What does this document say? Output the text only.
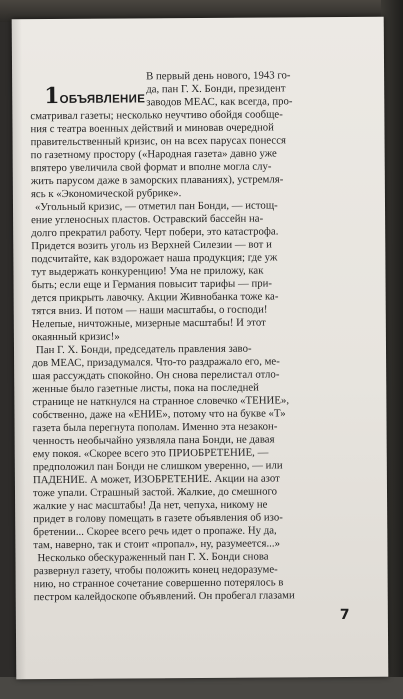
1ОБЪЯВЛЕНИЕ
В первый день нового, 1943 го-
да, пан Г. Х. Бонди, президент
заводов МЕАС, как всегда, про-
сматривал газеты; несколько неучтиво обойдя сообще-
ния с театра военных действий и миновав очередной
правительственный кризис, он на всех парусах понесся
по газетному простору («Народная газета» давно уже
впятеро увеличила свой формат и вполне могла слу-
жить парусом даже в заморских плаваниях), устремля-
ясь к «Экономической рубрике».
«Угольный кризис, — отметил пан Бонди, — истощ-
ение угленосных пластов. Остравский бассейн на-
долго прекратил работу. Черт побери, это катастрофа.
Придется возить уголь из Верхней Силезии — вот и
подсчитайте, как вздорожает наша продукция; где уж
тут выдержать конкуренцию! Ума не приложу, как
быть; если еще и Германия повысит тарифы — при-
дется прикрыть лавочку. Акции Живнобанка тоже ка-
тятся вниз. И потом — наши масштабы, о господи!
Нелепые, ничтожные, мизерные масштабы! И этот
окаянный кризис!»
Пан Г. Х. Бонди, председатель правления заво-
дов МЕАС, призадумался. Что-то раздражало его, ме-
шая рассуждать спокойно. Он снова перелистал отло-
женные было газетные листы, пока на последней
странице не наткнулся на странное словечко «ТЕНИЕ»,
собственно, даже на «ЕНИЕ», потому что на букве «Т»
газета была перегнута пополам. Именно эта незакон-
ченность необычайно уязвляла пана Бонди, не давая
ему покоя. «Скорее всего это ПРИОБРЕТЕНИЕ, —
предположил пан Бонди не слишком уверенно, — или
ПАДЕНИЕ. А может, ИЗОБРЕТЕНИЕ. Акции на азот
тоже упали. Страшный застой. Жалкие, до смешного
жалкие у нас масштабы! Да нет, чепуха, никому не
придет в голову помещать в газете объявления об изо-
бретении... Скорее всего речь идет о пропаже. Ну да,
там, наверно, так и стоит «пропал», ну, разумеется...»
Несколько обескураженный пан Г. Х. Бонди снова
развернул газету, чтобы положить конец недоразуме-
нию, но странное сочетание совершенно потерялось в
пестром калейдоскопе объявлений. Он пробегал глазами
7
